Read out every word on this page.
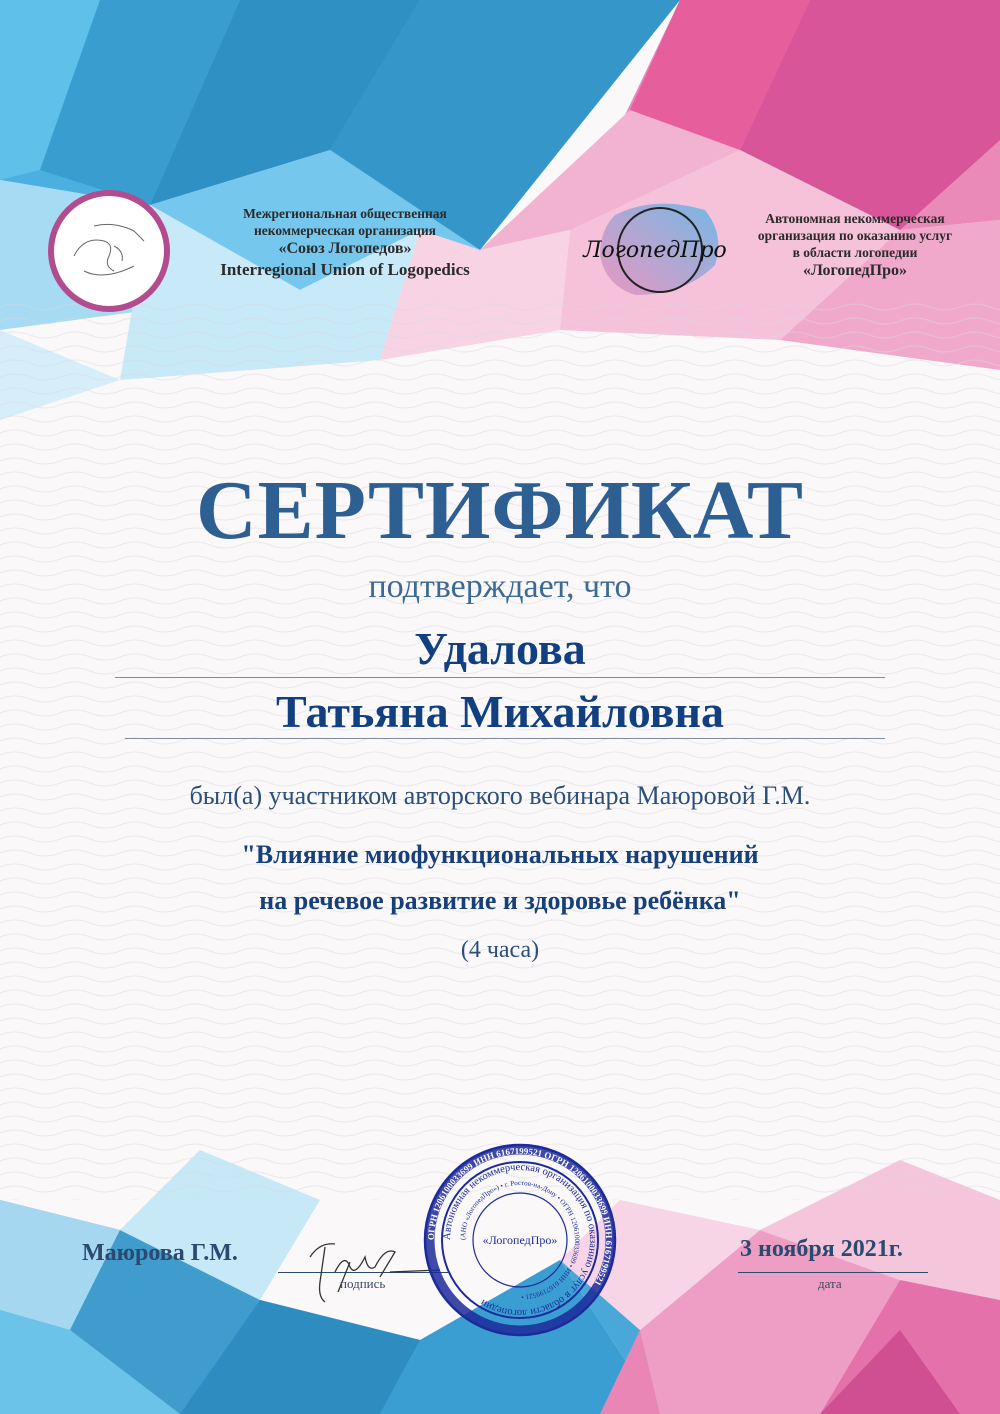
Межрегиональная общественная
некоммерческая организация
«Союз Логопедов»
Interregional Union of Logopedics
ЛогопедПро
Автономная некоммерческая
организация по оказанию услуг
в области логопедии
«ЛогопедПро»
СЕРТИФИКАТ
подтверждает, что
Удалова
Татьяна Михайловна
был(а) участником авторского вебинара Маюровой Г.М.
"Влияние миофункциональных нарушений
на речевое развитие и здоровье ребёнка"
(4 часа)
Маюрова Г.М.
подпись
3 ноября 2021г.
дата
ОГРН 1206100033699 ИНН 6167199521 ОГРН 1206100033699 ИНН 6167199521
Автономная некоммерческая организация по оказанию услуг в области логопедии
(АНО «ЛогопедПро») • г. Ростов-на-Дону • ОГРН 1206100033699 • ИНН 6167199521 •
«ЛогопедПро»
